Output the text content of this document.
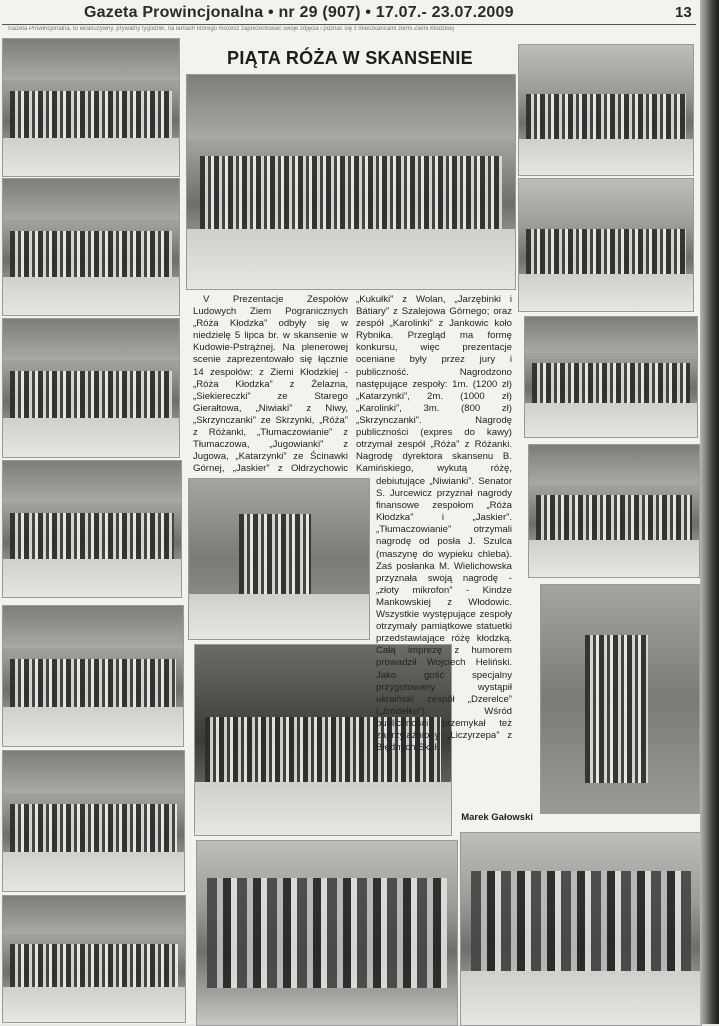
Gazeta Prowincjonalna • nr 29 (907) • 17.07.- 23.07.2009	13
Gazeta Prowincjonalna, to ekskluzywny, prywatny tygodnik, na łamach którego możesz zaprezentować swoje zdjęcia i poznać się z mieszkańcami ziemi Ziemi Kłodzkiej
PIĄTA RÓŻA W SKANSENIE

V Prezentacje Zespołów Ludowych Ziem Pogranicznych „Róża Kłodzka” odbyły się w niedzielę 5 lipca br. w skansenie w Kudowie-Pstrążnej. Na plenerowej scenie zaprezentowało się łącznie 14 zespołów: z Ziemi Kłodzkiej - „Róża Kłodzka” z Żelazna, „Siekiereczki” ze Starego Gierałtowa, „Niwiaki” z Niwy, „Skrzynczanki” ze Skrzynki, „Róża” z Różanki, „Tłumaczowianie” z Tłumaczowa, „Jugowianki” z Jugowa, „Katarzynki” ze Ścinawki Górnej, „Jaskier” z Ołdrzychowic

„Kukułki” z Wolan, „Jarzębinki i Bátiary” z Szalejowa Górnego; oraz zespół „Karolinki” z Jankowic koło Rybnika. Przegląd ma formę konkursu, więc prezentacje oceniane były przez jury i publiczność. Nagrodzono następujące zespoły: 1m. (1200 zł) „Katarzynki”, 2m. (1000 zł) „Karolinki”, 3m. (800 zł) „Skrzynczanki”. Nagrodę publiczności (expres do kawy) otrzymał zespół „Róża” z Różanki. Nagrodę dyrektora skansenu B. Kamińskiego, wykutą różę,

debiutujące „Niwianki”. Senator S. Jurcewicz przyznał nagrody finansowe zespołom „Róża Kłodzka” i „Jaskier”. „Tłumaczowianie” otrzymali nagrodę od posła J. Szulca (maszynę do wypieku chleba). Zaś posłanka M. Wielichowska przyznała swoją nagrodę - „złoty mikrofon” - Kindze Mankowskiej z Włodowic. Wszystkie występujące zespoły otrzymały pamiątkowe statuetki przedstawiające różę kłodzką. Całą imprezę z humorem prowadził Wojciech Heliński. Jako gość specjalny przygotowany wystąpił ukraiński zespół „Dzerelce” („źródełko”). Wśród publiczności przemykał też zaprzyjaźniony „Liczyrzepa” z Błędnych Skał.

Marek Gałowski
